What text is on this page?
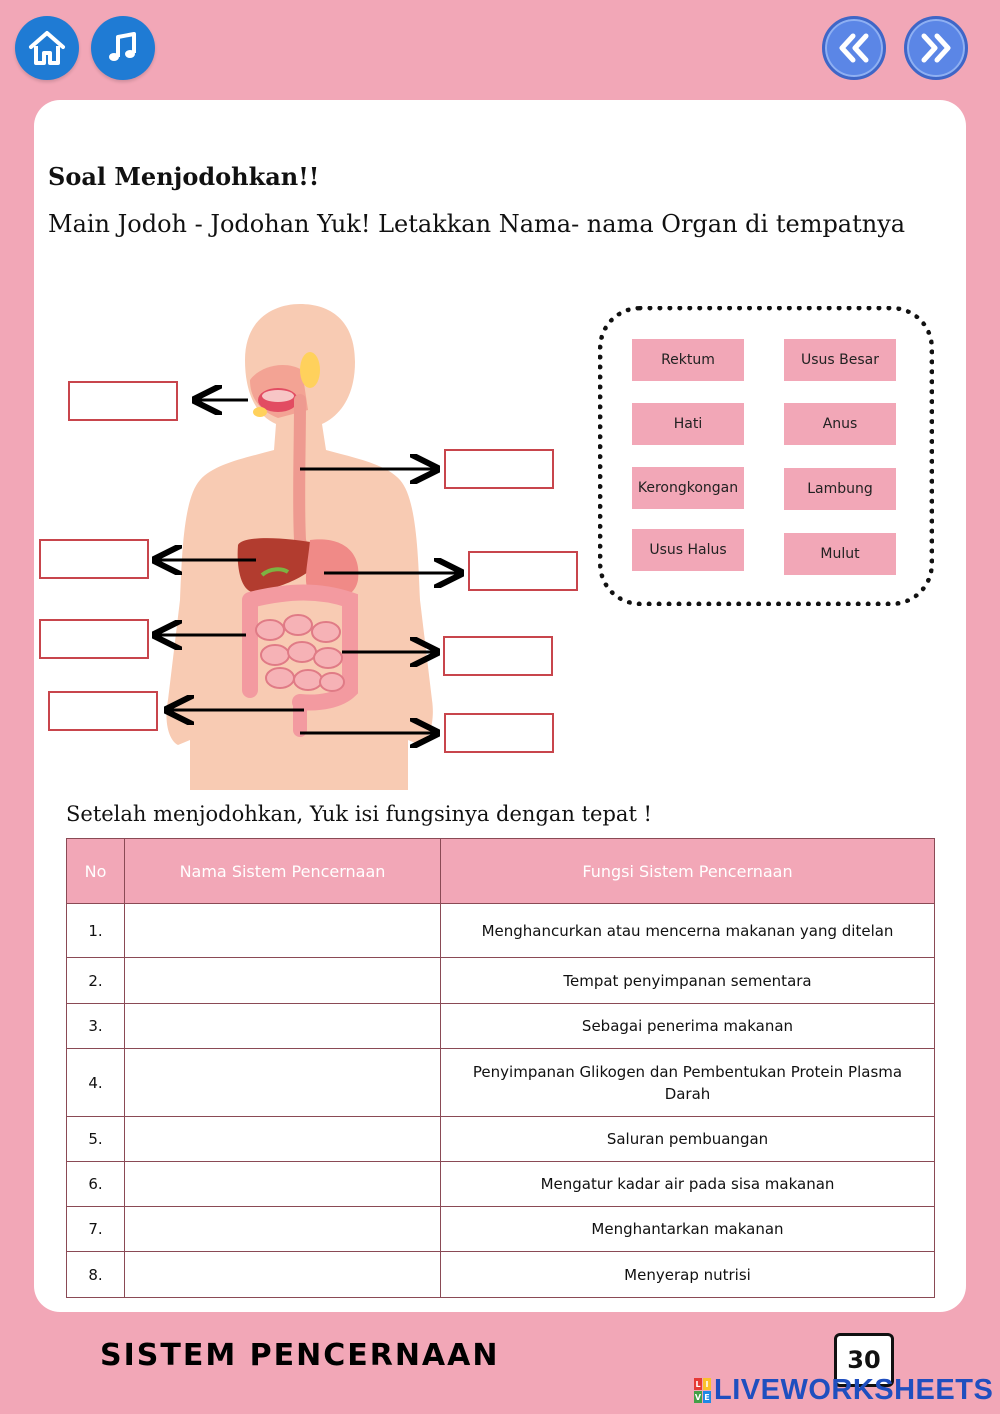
Soal Menjodohkan!!
Main Jodoh - Jodohan Yuk! Letakkan Nama- nama Organ di tempatnya
Rektum	Usus Besar
Hati	Anus
Kerongkongan	Lambung
Usus Halus	Mulut
Setelah menjodohkan, Yuk isi fungsinya dengan tepat !
No	Nama Sistem Pencernaan	Fungsi Sistem Pencernaan
1.		Menghancurkan atau mencerna makanan yang ditelan
2.		Tempat penyimpanan sementara
3.		Sebagai penerima makanan
4.		Penyimpanan Glikogen dan Pembentukan Protein Plasma Darah
5.		Saluran pembuangan
6.		Mengatur kadar air pada sisa makanan
7.		Menghantarkan makanan
8.		Menyerap nutrisi
SISTEM PENCERNAAN	30
L I
V E LIVEWORKSHEETS
